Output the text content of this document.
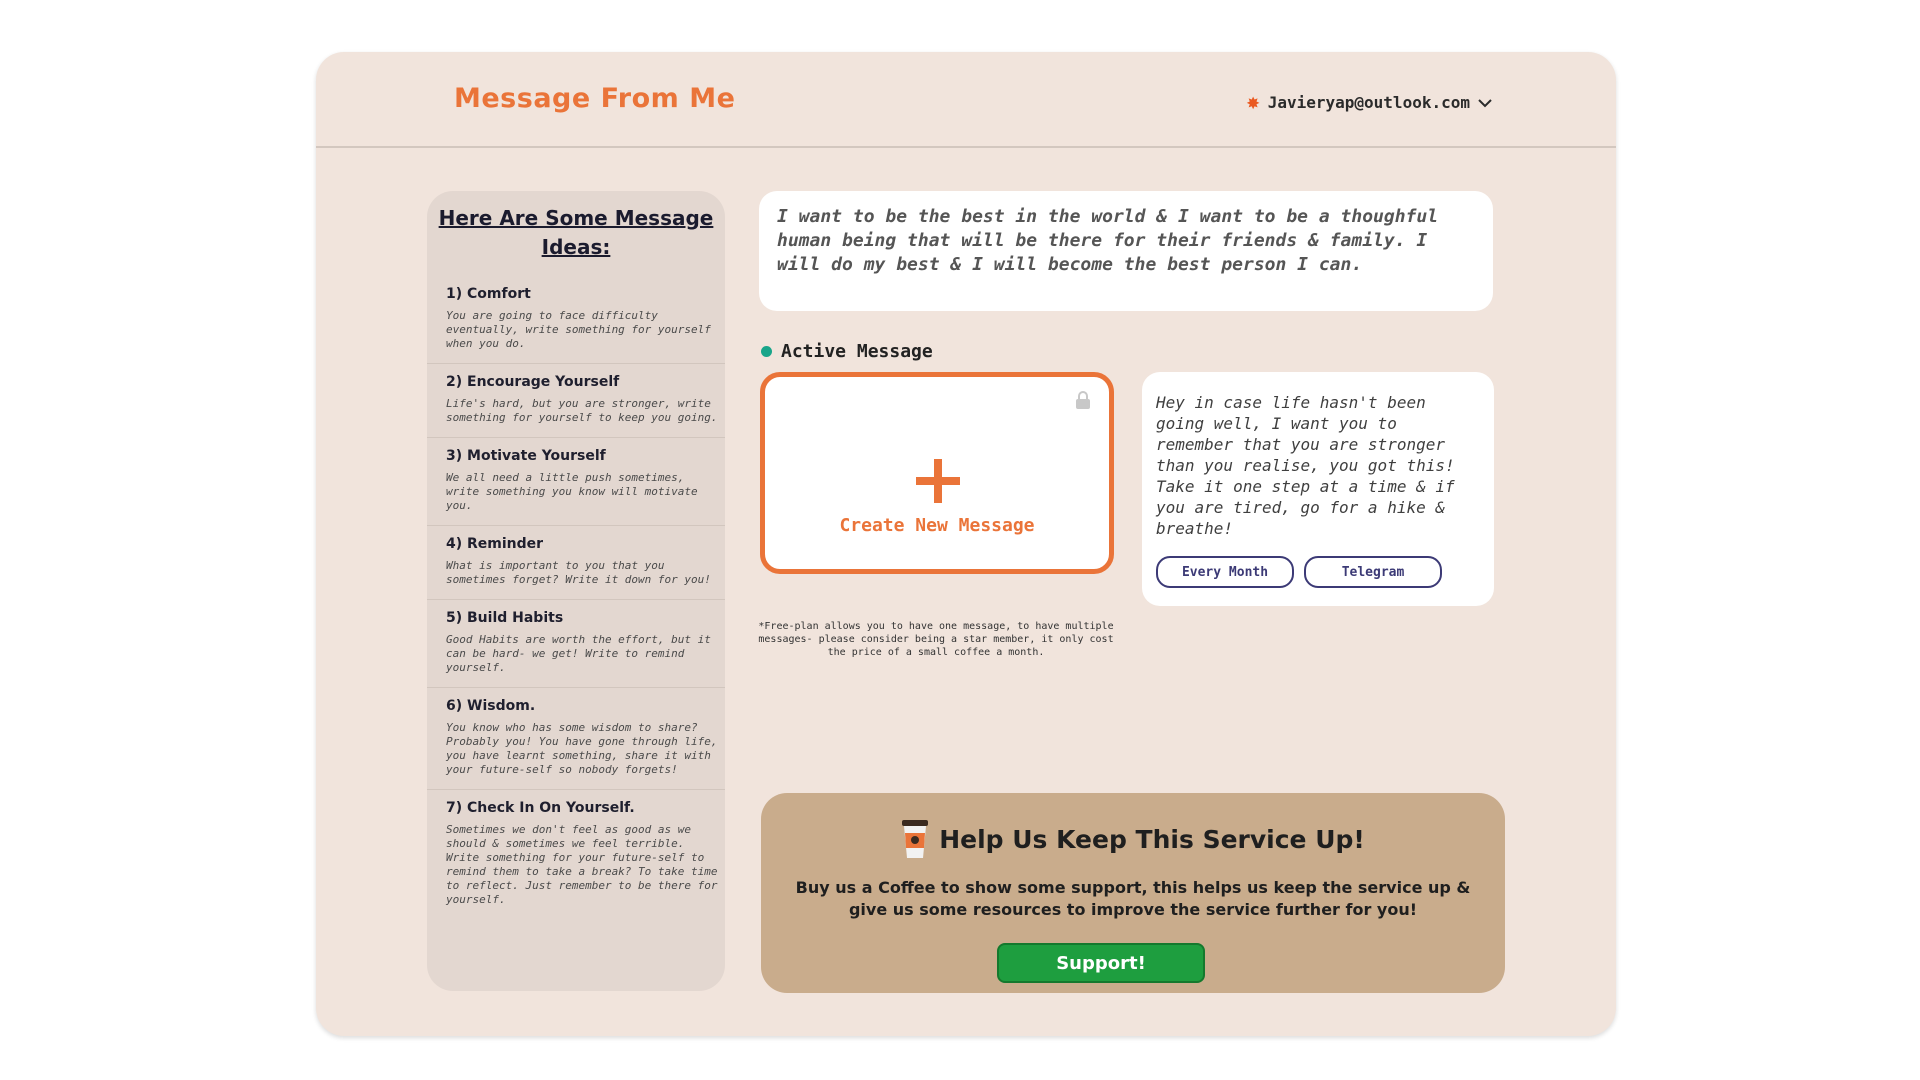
Message From Me	✸ Javieryap@outlook.com
Here Are Some Message Ideas:
1) Comfort
You are going to face difficulty eventually, write something for yourself when you do.
2) Encourage Yourself
Life's hard, but you are stronger, write something for yourself to keep you going.
3) Motivate Yourself
We all need a little push sometimes, write something you know will motivate you.
4) Reminder
What is important to you that you sometimes forget? Write it down for you!
5) Build Habits
Good Habits are worth the effort, but it can be hard- we get! Write to remind yourself.
6) Wisdom.
You know who has some wisdom to share? Probably you! You have gone through life, you have learnt something, share it with your future-self so nobody forgets!
7) Check In On Yourself.
Sometimes we don't feel as good as we should & sometimes we feel terrible. Write something for your future-self to remind them to take a break? To take time to reflect. Just remember to be there for yourself.
I want to be the best in the world & I want to be a thoughful human being that will be there for their friends & family. I will do my best & I will become the best person I can.
Active Message
Create New Message
*Free-plan allows you to have one message, to have multiple messages- please consider being a star member, it only cost the price of a small coffee a month.
Hey in case life hasn't been going well, I want you to remember that you are stronger than you realise, you got this! Take it one step at a time & if you are tired, go for a hike & breathe!
Every Month	Telegram
Help Us Keep This Service Up!
Buy us a Coffee to show some support, this helps us keep the service up & give us some resources to improve the service further for you!
Support!
